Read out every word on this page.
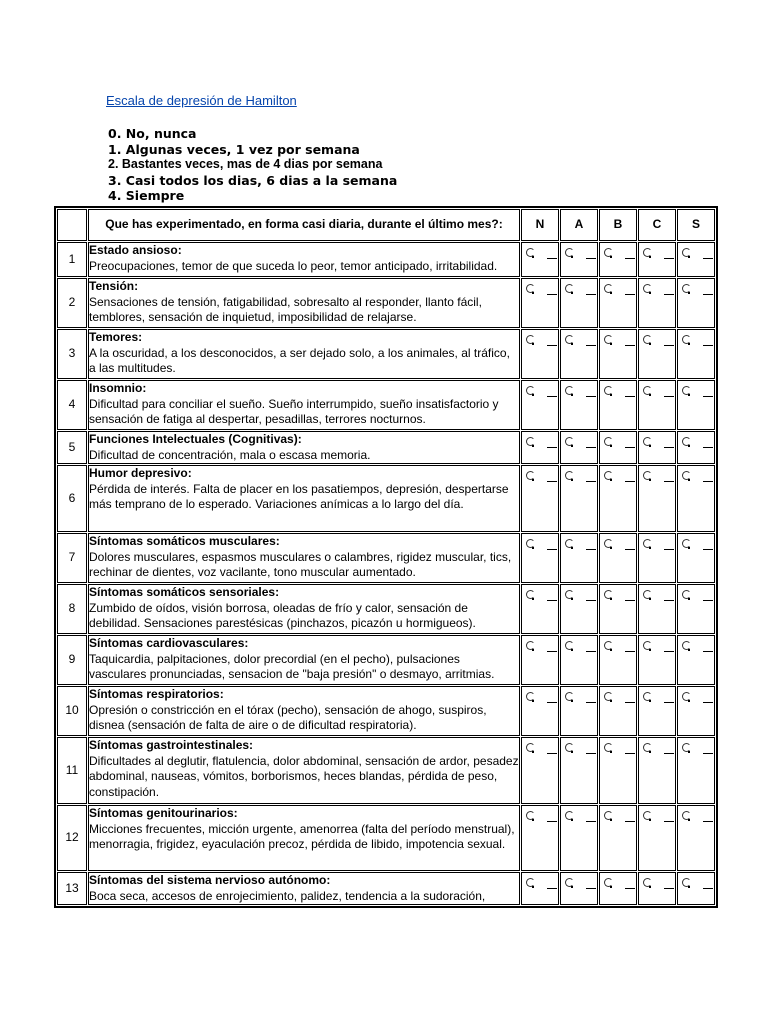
Escala de depresión de Hamilton
0. No, nunca
1. Algunas veces, 1 vez por semana
2. Bastantes veces, mas de 4 dias por semana
3. Casi todos los dias, 6 dias a la semana
4. Siempre
	Que has experimentado, en forma casi diaria, durante el último mes?:	N	A	B	C	S
1	Estado ansioso:
Preocupaciones, temor de que suceda lo peor, temor anticipado, irritabilidad.					

2	Tensión:
Sensaciones de tensión, fatigabilidad, sobresalto al responder, llanto fácil, temblores, sensación de inquietud, imposibilidad de relajarse.					

3	Temores:
A la oscuridad, a los desconocidos, a ser dejado solo, a los animales, al tráfico, a las multitudes.					

4	Insomnio:
Dificultad para conciliar el sueño. Sueño interrumpido, sueño insatisfactorio y sensación de fatiga al despertar, pesadillas, terrores nocturnos.					

5	Funciones Intelectuales (Cognitivas):
Dificultad de concentración, mala o escasa memoria.					

6	Humor depresivo:
Pérdida de interés. Falta de placer en los pasatiempos, depresión, despertarse más temprano de lo esperado. Variaciones anímicas a lo largo del día.					

7	Síntomas somáticos musculares:
Dolores musculares, espasmos musculares o calambres, rigidez muscular, tics, rechinar de dientes, voz vacilante, tono muscular aumentado.					

8	Síntomas somáticos sensoriales:
Zumbido de oídos, visión borrosa, oleadas de frío y calor, sensación de debilidad. Sensaciones parestésicas (pinchazos, picazón u hormigueos).					

9	Síntomas cardiovasculares:
Taquicardia, palpitaciones, dolor precordial (en el pecho), pulsaciones vasculares pronunciadas, sensacion de "baja presión" o desmayo, arritmias.					

10	Síntomas respiratorios:
Opresión o constricción en el tórax (pecho), sensación de ahogo, suspiros, disnea (sensación de falta de aire o de dificultad respiratoria).					

11	Síntomas gastrointestinales:
Dificultades al deglutir, flatulencia, dolor abdominal, sensación de ardor, pesadez abdominal, nauseas, vómitos, borborismos, heces blandas, pérdida de peso, constipación.					

12	Síntomas genitourinarios:
Micciones frecuentes, micción urgente, amenorrea (falta del período menstrual), menorragia, frigidez, eyaculación precoz, pérdida de libido, impotencia sexual.					

13	Síntomas del sistema nervioso autónomo:
Boca seca, accesos de enrojecimiento, palidez, tendencia a la sudoración,					
